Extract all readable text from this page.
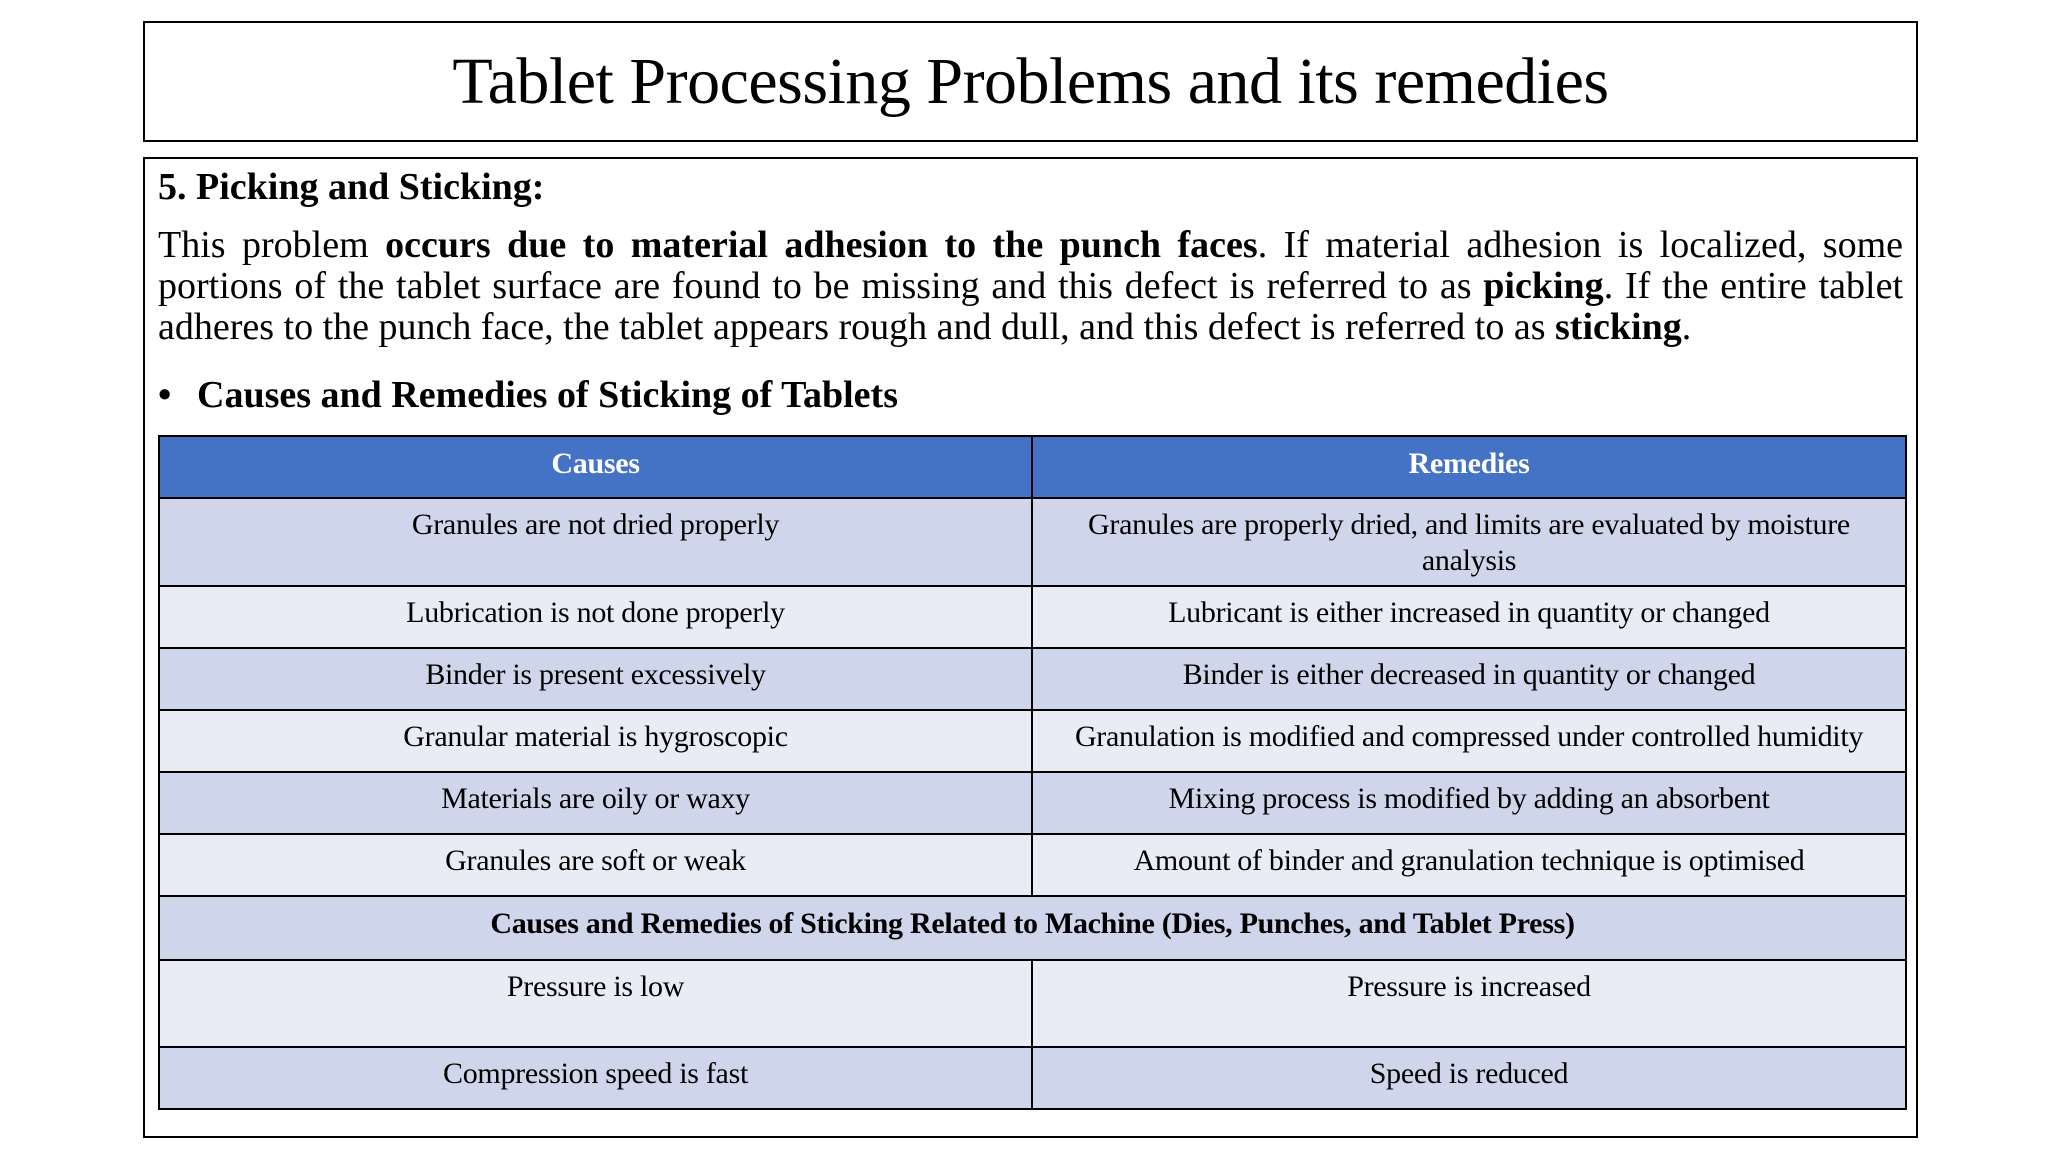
Tablet Processing Problems and its remedies

5. Picking and Sticking:

This problem occurs due to material adhesion to the punch faces. If material adhesion is localized, some portions of the tablet surface are found to be missing and this defect is referred to as picking. If the entire tablet adheres to the punch face, the tablet appears rough and dull, and this defect is referred to as sticking.

• Causes and Remedies of Sticking of Tablets

Causes	Remedies
Granules are not dried properly	Granules are properly dried, and limits are evaluated by moisture analysis
Lubrication is not done properly	Lubricant is either increased in quantity or changed
Binder is present excessively	Binder is either decreased in quantity or changed
Granular material is hygroscopic	Granulation is modified and compressed under controlled humidity
Materials are oily or waxy	Mixing process is modified by adding an absorbent
Granules are soft or weak	Amount of binder and granulation technique is optimised
Causes and Remedies of Sticking Related to Machine (Dies, Punches, and Tablet Press)	
Pressure is low	Pressure is increased
Compression speed is fast	Speed is reduced
